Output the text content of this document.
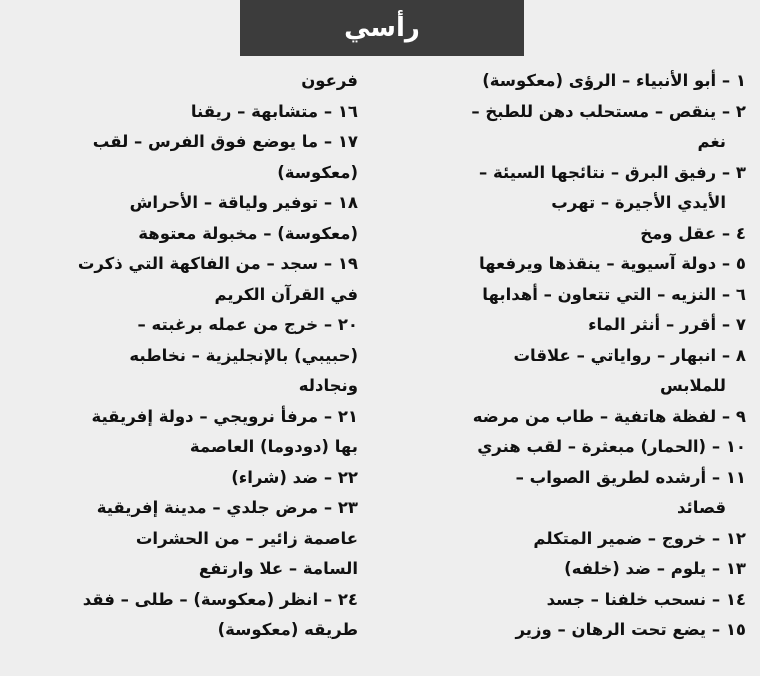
رأسي
١ – أبو الأنبياء – الرؤى (معكوسة)
٢ – ينقص – مستحلب دهن للطبخ –
نغم
٣ – رفيق البرق – نتائجها السيئة –
الأيدي الأجيرة – تهرب
٤ – عقل ومخ
٥ – دولة آسيوية – ينقذها ويرفعها
٦ – النزيه – التي تتعاون – أهدابها
٧ – أقرر – أنثر الماء
٨ – انبهار – رواياتي – علاقات
للملابس
٩ – لفظة هاتفية – طاب من مرضه
١٠ – (الحمار) مبعثرة – لقب هنري
١١ – أرشده لطريق الصواب –
قصائد
١٢ – خروج – ضمير المتكلم
١٣ – يلوم – ضد (خلفه)
١٤ – نسحب خلفنا – جسد
١٥ – يضع تحت الرهان – وزير
فرعون
١٦ – متشابهة – ريقنا
١٧ – ما يوضع فوق الفرس – لقب
(معكوسة)
١٨ – توفير ولياقة – الأحراش
(معكوسة) – مخبولة معتوهة
١٩ – سجد – من الفاكهة التي ذكرت
في القرآن الكريم
٢٠ – خرج من عمله برغبته –
(حبيبي) بالإنجليزية – نخاطبه
ونجادله
٢١ – مرفأ نرويجي – دولة إفريقية
بها (دودوما) العاصمة
٢٢ – ضد (شراء)
٢٣ – مرض جلدي – مدينة إفريقية
عاصمة زائير – من الحشرات
السامة – علا وارتفع
٢٤ – انظر (معكوسة) – طلى – فقد
طريقه (معكوسة)
